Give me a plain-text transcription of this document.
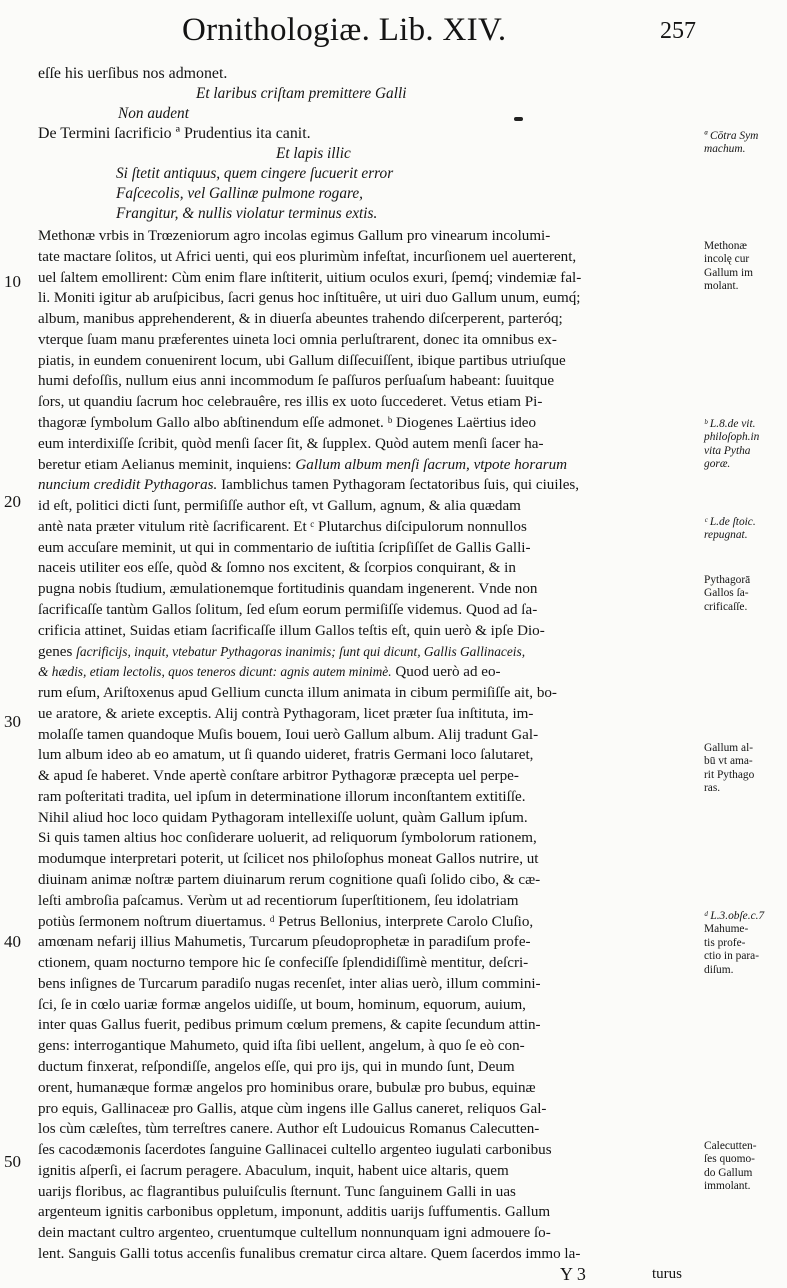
Ornithologiæ. Lib. XIV.	257
eſſe his uerſibus nos admonet.
Et laribus criſtam premittere Galli
Non audent
De Termini ſacrificio ª Prudentius ita canit.
Et lapis illic
Si ſtetit antiquus, quem cingere ſucuerit error
Faſcecolis, vel Gallinæ pulmone rogare,
Frangitur, & nullis violatur terminus extis.
Methonæ vrbis in Trœzeniorum agro incolas egimus Gallum pro vinearum incolumi-
tate mactare ſolitos, ut Africi uenti, qui eos plurimùm infeſtat, incurſionem uel auerterent,
uel ſaltem emollirent: Cùm enim flare inſtiterit, uitium oculos exuri, ſpemq́; vindemiæ fal-
li. Moniti igitur ab aruſpicibus, ſacri genus hoc inſtituêre, ut uiri duo Gallum unum, eumq́;
album, manibus apprehenderent, & in diuerſa abeuntes trahendo diſcerperent, parteróq;
vterque ſuam manu præferentes uineta loci omnia perluſtrarent, donec ita omnibus ex-
piatis, in eundem conuenirent locum, ubi Gallum diſſecuiſſent, ibique partibus utriuſque
humi defoſſis, nullum eius anni incommodum ſe paſſuros perſuaſum habeant: ſuuitque
ſors, ut quandiu ſacrum hoc celebrauêre, res illis ex uoto ſuccederet. Vetus etiam Pi-
thagoræ ſymbolum Gallo albo abſtinendum eſſe admonet. ᵇ Diogenes Laërtius ideo
eum interdixiſſe ſcribit, quòd menſi ſacer ſit, & ſupplex. Quòd autem menſi ſacer ha-
beretur etiam Aelianus meminit, inquiens: Gallum album menſi ſacrum, vtpote horarum
nuncium credidit Pythagoras. Iamblichus tamen Pythagoram ſectatoribus ſuis, qui ciuiles,
id eſt, politici dicti ſunt, permiſiſſe author eſt, vt Gallum, agnum, & alia quædam
antè nata præter vitulum ritè ſacrificarent. Et ᶜ Plutarchus diſcipulorum nonnullos
eum accuſare meminit, ut qui in commentario de iuſtitia ſcripſiſſet de Gallis Galli-
naceis utiliter eos eſſe, quòd & ſomno nos excitent, & ſcorpios conquirant, & in
pugna nobis ſtudium, æmulationemque fortitudinis quandam ingenerent. Vnde non
ſacrificaſſe tantùm Gallos ſolitum, ſed eſum eorum permiſiſſe videmus. Quod ad ſa-
crificia attinet, Suidas etiam ſacrificaſſe illum Gallos teſtis eſt, quin uerò & ipſe Dio-
genes ſacrificijs, inquit, vtebatur Pythagoras inanimis; ſunt qui dicunt, Gallis Gallinaceis,
& hædis, etiam lectolis, quos teneros dicunt: agnis autem minimè. Quod uerò ad eo-
rum eſum, Ariſtoxenus apud Gellium cuncta illum animata in cibum permiſiſſe ait, bo-
ue aratore, & ariete exceptis. Alij contrà Pythagoram, licet præter ſua inſtituta, im-
molaſſe tamen quandoque Muſis bouem, Ioui uerò Gallum album. Alij tradunt Gal-
lum album ideo ab eo amatum, ut ſi quando uideret, fratris Germani loco ſalutaret,
& apud ſe haberet. Vnde apertè conſtare arbitror Pythagoræ præcepta uel perpe-
ram poſteritati tradita, uel ipſum in determinatione illorum inconſtantem extitiſſe.
Nihil aliud hoc loco quidam Pythagoram intellexiſſe uolunt, quàm Gallum ipſum.
Si quis tamen altius hoc conſiderare uoluerit, ad reliquorum ſymbolorum rationem,
modumque interpretari poterit, ut ſcilicet nos philoſophus moneat Gallos nutrire, ut
diuinam animæ noſtræ partem diuinarum rerum cognitione quaſi ſolido cibo, & cæ-
leſti ambroſia paſcamus. Verùm ut ad recentiorum ſuperſtitionem, ſeu idolatriam
potiùs ſermonem noſtrum diuertamus. ᵈ Petrus Bellonius, interprete Carolo Cluſio,
amœnam nefarij illius Mahumetis, Turcarum pſeudoprophetæ in paradiſum profe-
ctionem, quam nocturno tempore hic ſe confeciſſe ſplendidiſſimè mentitur, deſcri-
bens inſignes de Turcarum paradiſo nugas recenſet, inter alias uerò, illum commini-
ſci, ſe in cœlo uariæ formæ angelos uidiſſe, ut boum, hominum, equorum, auium,
inter quas Gallus fuerit, pedibus primum cœlum premens, & capite ſecundum attin-
gens: interrogantique Mahumeto, quid iſta ſibi uellent, angelum, à quo ſe eò con-
ductum finxerat, reſpondiſſe, angelos eſſe, qui pro ijs, qui in mundo ſunt, Deum
orent, humanæque formæ angelos pro hominibus orare, bubulæ pro bubus, equinæ
pro equis, Gallinaceæ pro Gallis, atque cùm ingens ille Gallus caneret, reliquos Gal-
los cùm cæleſtes, tùm terreſtres canere. Author eſt Ludouicus Romanus Calecutten-
ſes cacodæmonis ſacerdotes ſanguine Gallinacei cultello argenteo iugulati carbonibus
ignitis aſperſi, ei ſacrum peragere. Abaculum, inquit, habent uice altaris, quem
uarijs floribus, ac flagrantibus puluiſculis ſternunt. Tunc ſanguinem Galli in uas
argenteum ignitis carbonibus oppletum, imponunt, additis uarijs ſuffumentis. Gallum
dein mactant cultro argenteo, cruentumque cultellum nonnunquam igni admouere ſo-
lent. Sanguis Galli totus accenſis funalibus crematur circa altare. Quem ſacerdos immo la-
10
20
30
40
50
ª Cōtra Sym
machum.
Methonæ
incolę cur
Gallum im
molant.
ᵇ L.8.de vit.
philoſoph.in
vita Pytha
goræ.
ᶜ L.de ſtoic.
repugnat.
Pythagorā
Gallos ſa-
crificaſſe.
Gallum al-
bū vt ama-
rit Pythago
ras.
ᵈ L.3.obſe.c.7
Mahume-
tis profe-
ctio in para-
diſum.
Calecutten-
ſes quomo-
do Gallum
immolant.
Y 3	turus
